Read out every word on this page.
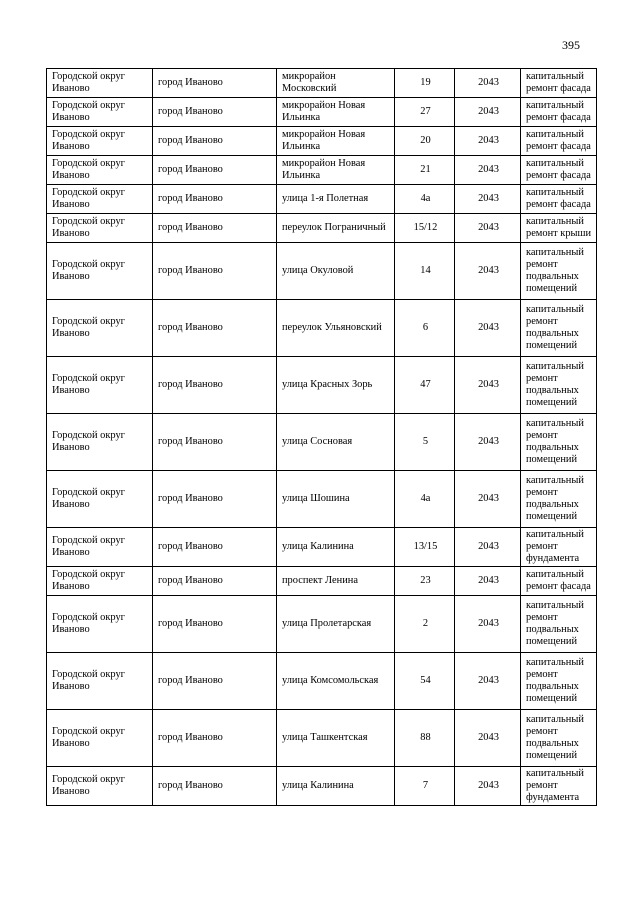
395
Городской округ Иваново	город Иваново	микрорайон Московский	19	2043	капитальный ремонт фасада
Городской округ Иваново	город Иваново	микрорайон Новая Ильинка	27	2043	капитальный ремонт фасада
Городской округ Иваново	город Иваново	микрорайон Новая Ильинка	20	2043	капитальный ремонт фасада
Городской округ Иваново	город Иваново	микрорайон Новая Ильинка	21	2043	капитальный ремонт фасада
Городской округ Иваново	город Иваново	улица 1-я Полетная	4а	2043	капитальный ремонт фасада
Городской округ Иваново	город Иваново	переулок Пограничный	15/12	2043	капитальный ремонт крыши
Городской округ Иваново	город Иваново	улица Окуловой	14	2043	капитальный ремонт подвальных помещений
Городской округ Иваново	город Иваново	переулок Ульяновский	6	2043	капитальный ремонт подвальных помещений
Городской округ Иваново	город Иваново	улица Красных Зорь	47	2043	капитальный ремонт подвальных помещений
Городской округ Иваново	город Иваново	улица Сосновая	5	2043	капитальный ремонт подвальных помещений
Городской округ Иваново	город Иваново	улица Шошина	4а	2043	капитальный ремонт подвальных помещений
Городской округ Иваново	город Иваново	улица Калинина	13/15	2043	капитальный ремонт фундамента
Городской округ Иваново	город Иваново	проспект Ленина	23	2043	капитальный ремонт фасада
Городской округ Иваново	город Иваново	улица Пролетарская	2	2043	капитальный ремонт подвальных помещений
Городской округ Иваново	город Иваново	улица Комсомольская	54	2043	капитальный ремонт подвальных помещений
Городской округ Иваново	город Иваново	улица Ташкентская	88	2043	капитальный ремонт подвальных помещений
Городской округ Иваново	город Иваново	улица Калинина	7	2043	капитальный ремонт фундамента
